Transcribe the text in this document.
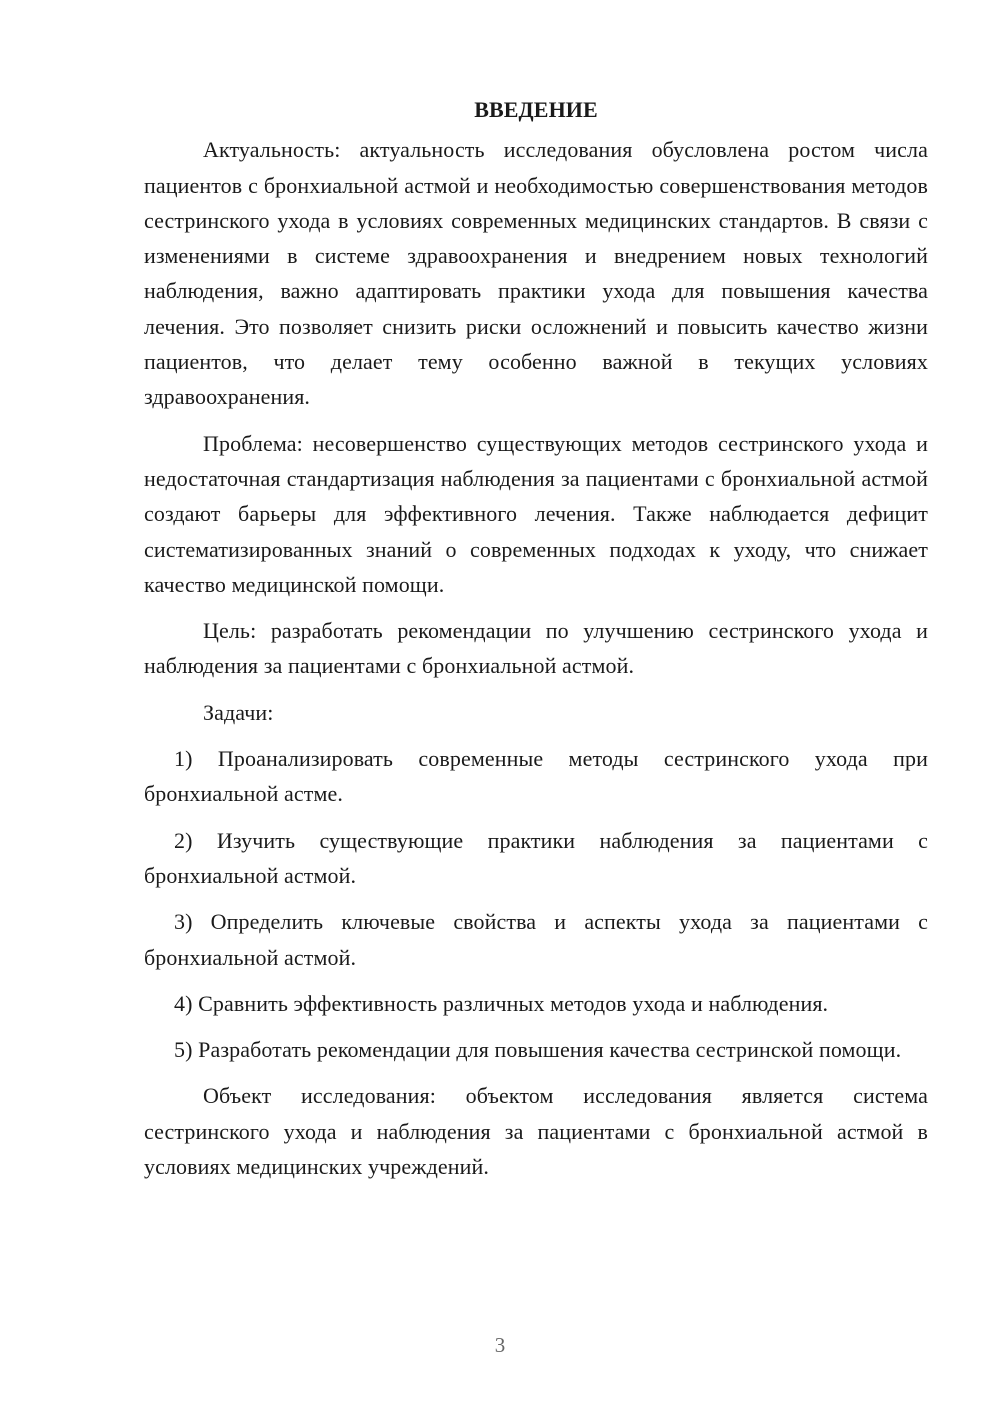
ВВЕДЕНИЕ

Актуальность: актуальность исследования обусловлена ростом числа пациентов с бронхиальной астмой и необходимостью совершенствования методов сестринского ухода в условиях современных медицинских стандартов. В связи с изменениями в системе здравоохранения и внедрением новых технологий наблюдения, важно адаптировать практики ухода для повышения качества лечения. Это позволяет снизить риски осложнений и повысить качество жизни пациентов, что делает тему особенно важной в текущих условиях здравоохранения.

Проблема: несовершенство существующих методов сестринского ухода и недостаточная стандартизация наблюдения за пациентами с бронхиальной астмой создают барьеры для эффективного лечения. Также наблюдается дефицит систематизированных знаний о современных подходах к уходу, что снижает качество медицинской помощи.

Цель: разработать рекомендации по улучшению сестринского ухода и наблюдения за пациентами с бронхиальной астмой.

Задачи:

1) Проанализировать современные методы сестринского ухода при бронхиальной астме.

2) Изучить существующие практики наблюдения за пациентами с бронхиальной астмой.

3) Определить ключевые свойства и аспекты ухода за пациентами с бронхиальной астмой.

4) Сравнить эффективность различных методов ухода и наблюдения.

5) Разработать рекомендации для повышения качества сестринской помощи.

Объект исследования: объектом исследования является система сестринского ухода и наблюдения за пациентами с бронхиальной астмой в условиях медицинских учреждений.

3
